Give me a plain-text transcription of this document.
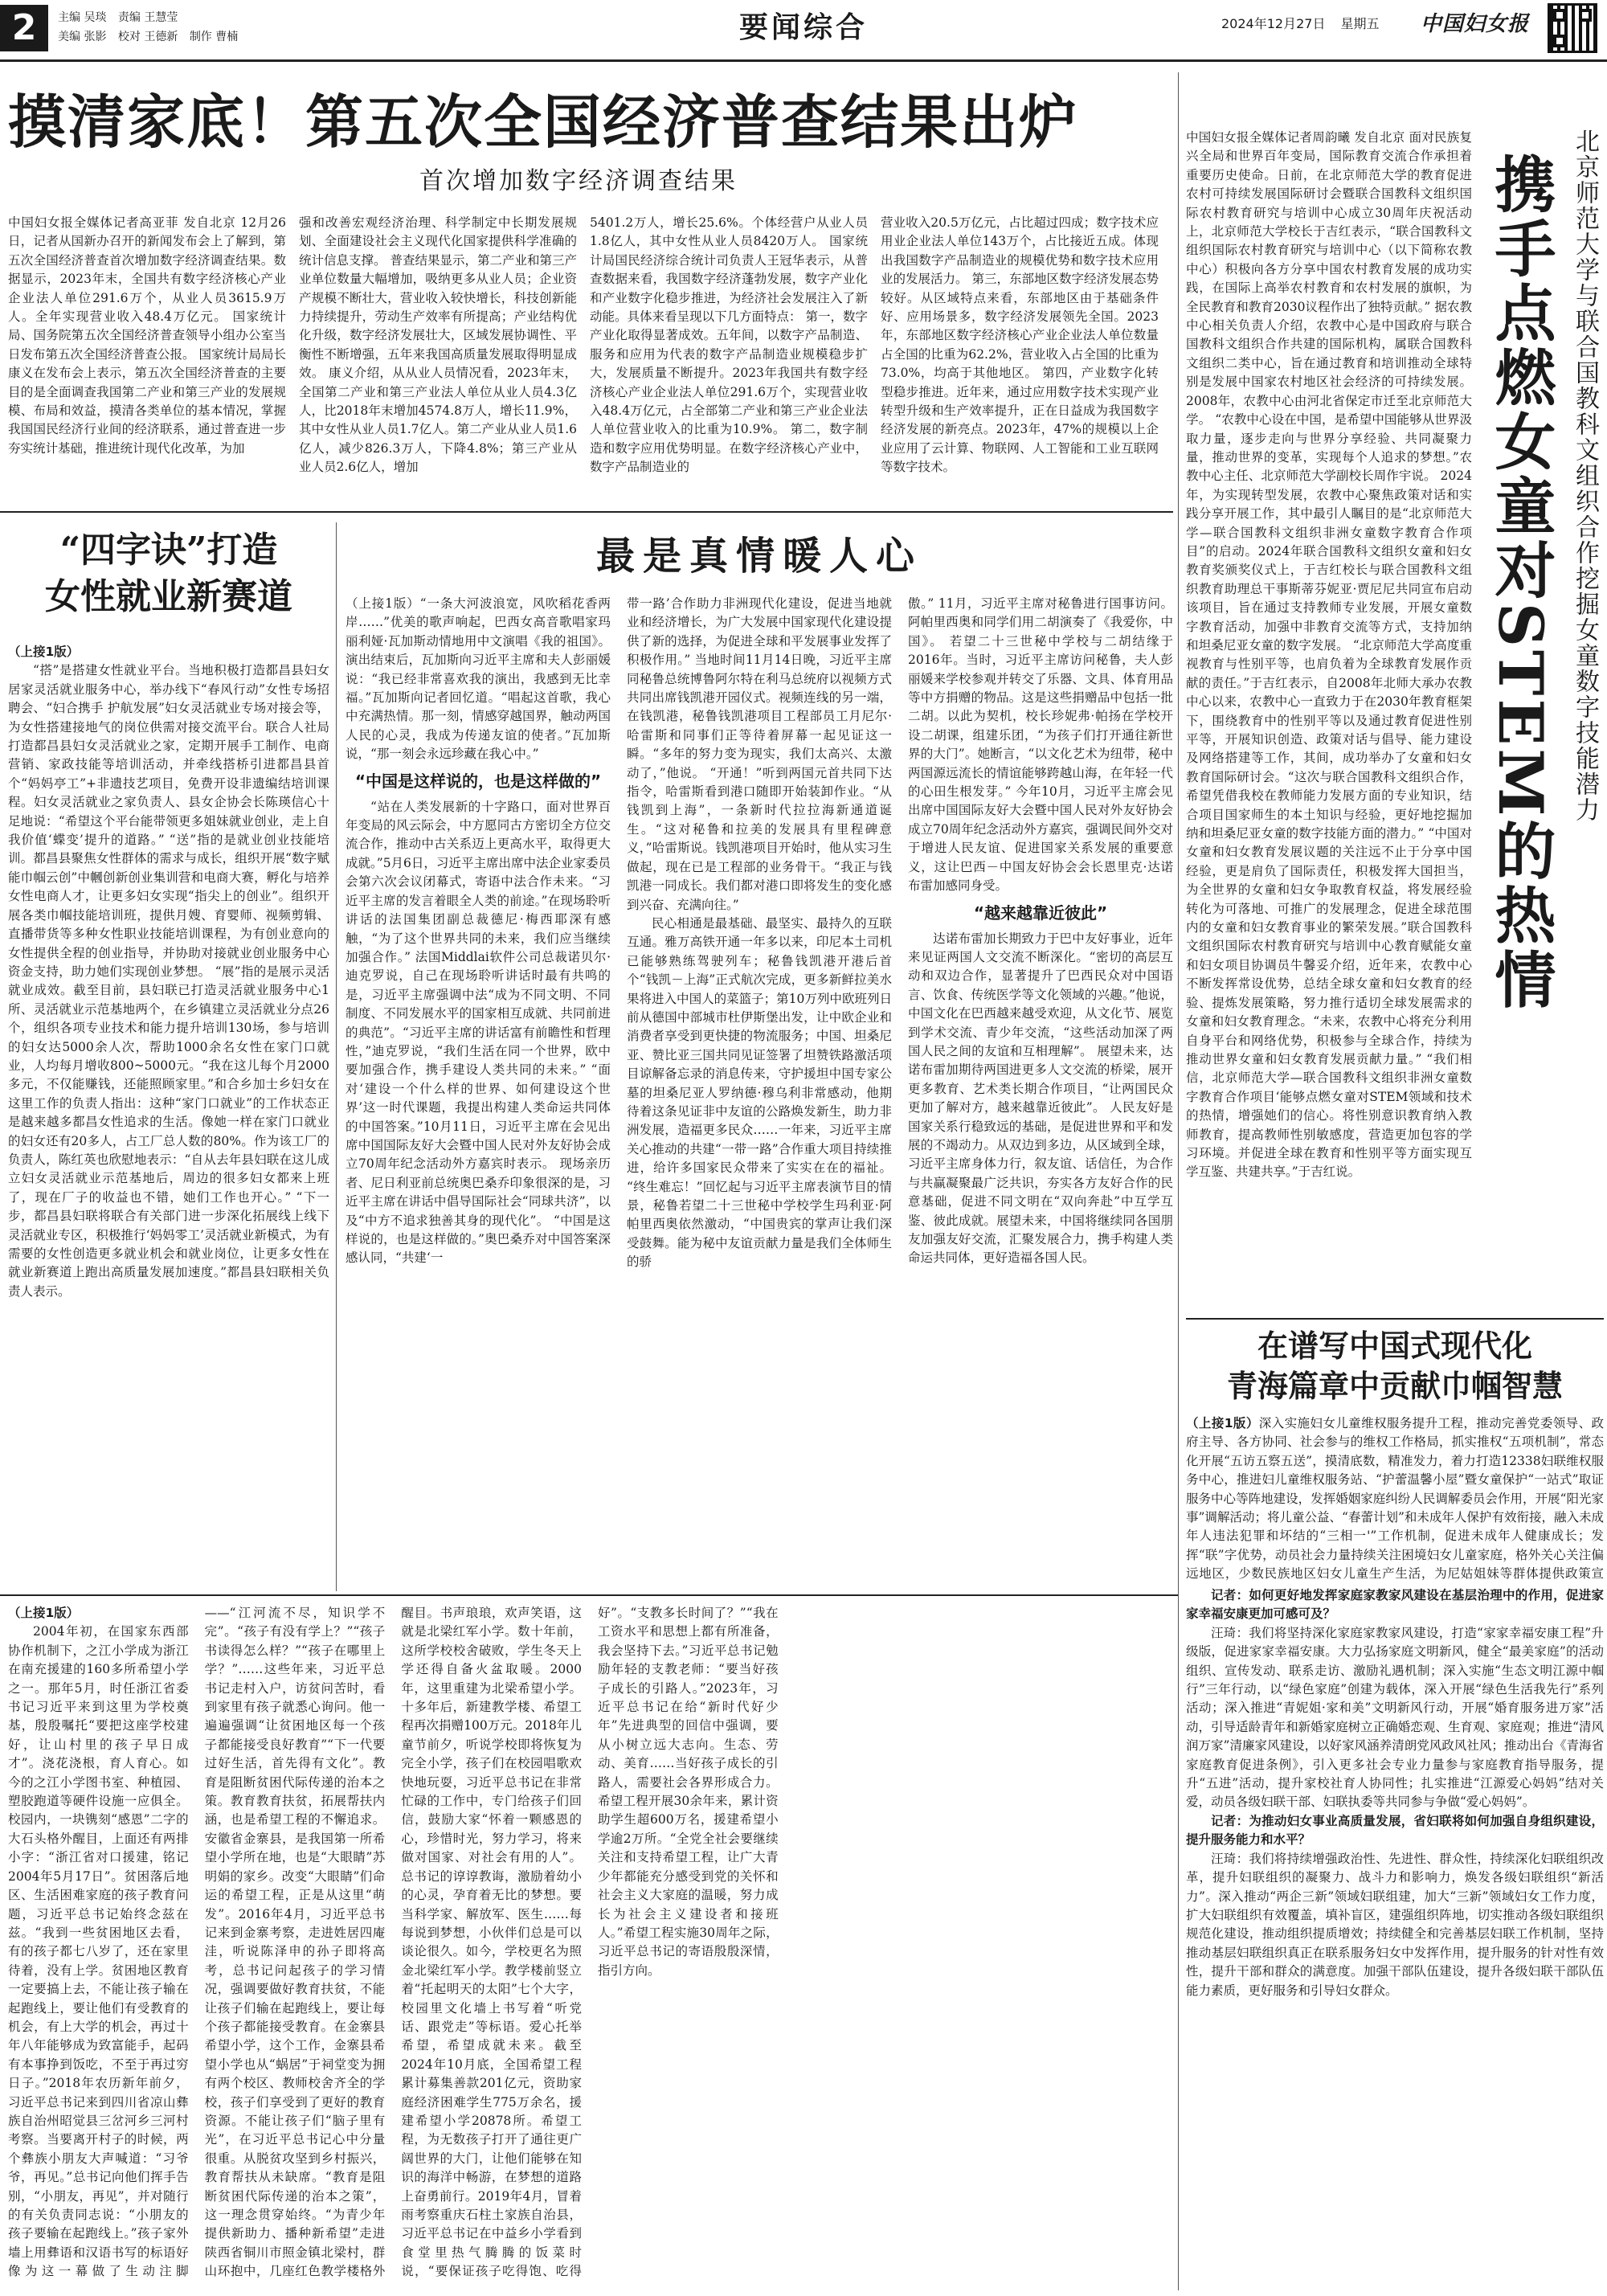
2	主编 吴琰 责编 王慧莹
美编 张影 校对 王德新 制作 曹楠	要闻综合	2024年12月27日 星期五	中国妇女报
摸清家底！第五次全国经济普查结果出炉
首次增加数字经济调查结果

中国妇女报全媒体记者高亚菲 发自北京 12月26日，记者从国新办召开的新闻发布会上了解到，第五次全国经济普查首次增加数字经济调查结果。数据显示，2023年末，全国共有数字经济核心产业企业法人单位291.6万个，从业人员3615.9万人。全年实现营业收入48.4万亿元。 国家统计局、国务院第五次全国经济普查领导小组办公室当日发布第五次全国经济普查公报。 国家统计局局长康义在发布会上表示，第五次全国经济普查的主要目的是全面调查我国第二产业和第三产业的发展规模、布局和效益，摸清各类单位的基本情况，掌握我国国民经济行业间的经济联系，通过普查进一步夯实统计基础，推进统计现代化改革，为加

强和改善宏观经济治理、科学制定中长期发展规划、全面建设社会主义现代化国家提供科学准确的统计信息支撑。 普查结果显示，第二产业和第三产业单位数量大幅增加，吸纳更多从业人员；企业资产规模不断壮大，营业收入较快增长，科技创新能力持续提升，劳动生产效率有所提高；产业结构优化升级，数字经济发展壮大，区域发展协调性、平衡性不断增强，五年来我国高质量发展取得明显成效。 康义介绍，从从业人员情况看，2023年末，全国第二产业和第三产业法人单位从业人员4.3亿人，比2018年末增加4574.8万人，增长11.9%，其中女性从业人员1.7亿人。第二产业从业人员1.6亿人，减少826.3万人，下降4.8%；第三产业从业人员2.6亿人，增加

5401.2万人，增长25.6%。个体经营户从业人员1.8亿人，其中女性从业人员8420万人。 国家统计局国民经济综合统计司负责人王冠华表示，从普查数据来看，我国数字经济蓬勃发展，数字产业化和产业数字化稳步推进，为经济社会发展注入了新动能。具体来看呈现以下几方面特点： 第一，数字产业化取得显著成效。五年间，以数字产品制造、服务和应用为代表的数字产品制造业规模稳步扩大，发展质量不断提升。2023年我国共有数字经济核心产业企业法人单位291.6万个，实现营业收入48.4万亿元，占全部第二产业和第三产业企业法人单位营业收入的比重为10.9%。 第二，数字制造和数字应用优势明显。在数字经济核心产业中，数字产品制造业的

营业收入20.5万亿元，占比超过四成；数字技术应用业企业法人单位143万个，占比接近五成。体现出我国数字产品制造业的规模优势和数字技术应用业的发展活力。 第三，东部地区数字经济发展态势较好。从区域特点来看，东部地区由于基础条件好、应用场景多，数字经济发展领先全国。2023年，东部地区数字经济核心产业企业法人单位数量占全国的比重为62.2%，营业收入占全国的比重为73.0%，均高于其他地区。 第四，产业数字化转型稳步推进。近年来，通过应用数字技术实现产业转型升级和生产效率提升，正在日益成为我国数字经济发展的新亮点。2023年，47%的规模以上企业应用了云计算、物联网、人工智能和工业互联网等数字技术。

中国妇女报全媒体记者周韵曦 发自北京 面对民族复兴全局和世界百年变局，国际教育交流合作承担着重要历史使命。日前，在北京师范大学的教育促进农村可持续发展国际研讨会暨联合国教科文组织国际农村教育研究与培训中心成立30周年庆祝活动上，北京师范大学校长于吉红表示，“联合国教科文组织国际农村教育研究与培训中心（以下简称农教中心）积极向各方分享中国农村教育发展的成功实践，在国际上高举农村教育和农村发展的旗帜，为全民教育和教育2030议程作出了独特贡献。” 据农教中心相关负责人介绍，农教中心是中国政府与联合国教科文组织合作共建的国际机构，属联合国教科文组织二类中心，旨在通过教育和培训推动全球特别是发展中国家农村地区社会经济的可持续发展。2008年，农教中心由河北省保定市迁至北京师范大学。 “农教中心设在中国，是希望中国能够从世界汲取力量，逐步走向与世界分享经验、共同凝聚力量，推动世界的变革，实现每个人追求的梦想。”农教中心主任、北京师范大学副校长周作宇说。 2024年，为实现转型发展，农教中心聚焦政策对话和实践分享开展工作，其中最引人瞩目的是“北京师范大学—联合国教科文组织非洲女童数字教育合作项目”的启动。2024年联合国教科文组织女童和妇女教育奖颁奖仪式上，于吉红校长与联合国教科文组织教育助理总干事斯蒂芬妮亚·贾尼尼共同宣布启动该项目，旨在通过支持教师专业发展，开展女童数字教育活动，加强中非教育交流等方式，支持加纳和坦桑尼亚女童的数字发展。 “北京师范大学高度重视教育与性别平等，也肩负着为全球教育发展作贡献的责任。”于吉红表示，自2008年北师大承办农教中心以来，农教中心一直致力于在2030年教育框架下，围绕教育中的性别平等以及通过教育促进性别平等，开展知识创造、政策对话与倡导、能力建设及网络搭建等工作，其间，成功举办了女童和妇女教育国际研讨会。“这次与联合国教科文组织合作，希望凭借我校在教师能力发展方面的专业知识，结合项目国家师生的本土知识与经验，更好地挖掘加纳和坦桑尼亚女童的数字技能方面的潜力。” “中国对女童和妇女教育发展议题的关注远不止于分享中国经验，更是肩负了国际责任，积极发挥大国担当，为全世界的女童和妇女争取教育权益，将发展经验转化为可落地、可推广的发展理念，促进全球范围内的女童和妇女教育事业的繁荣发展。”联合国教科文组织国际农村教育研究与培训中心教育赋能女童和妇女项目协调员牛馨妥介绍，近年来，农教中心不断发挥常设优势，总结全球女童和妇女教育的经验、提炼发展策略，努力推行适切全球发展需求的女童和妇女教育理念。“未来，农教中心将充分利用自身平台和网络优势，积极参与全球合作，持续为推动世界女童和妇女教育发展贡献力量。” “我们相信，北京师范大学—联合国教科文组织非洲女童数字教育合作项目‘能够点燃女童对STEM领域和技术的热情，增强她们的信心。将性别意识教育纳入教师教育，提高教师性别敏感度，营造更加包容的学习环境。并促进全球在教育和性别平等方面实现互学互鉴、共建共享。”于吉红说。

携手点燃女童对STEM的热情 北京师范大学与联合国教科文组织合作挖掘女童数字技能潜力
“四字诀”打造
女性就业新赛道

（上接1版）

“搭”是搭建女性就业平台。当地积极打造都昌县妇女居家灵活就业服务中心，举办线下“春风行动”女性专场招聘会、“妇合携手 护航发展”妇女灵活就业专场对接会等，为女性搭建接地气的岗位供需对接交流平台。联合人社局打造都昌县妇女灵活就业之家，定期开展手工制作、电商营销、家政技能等培训活动，并牵线搭桥引进都昌县首个“妈妈亭工”+非遗技艺项目，免费开设非遗编结培训课程。妇女灵活就业之家负责人、县女企协会长陈瑛信心十足地说：“希望这个平台能带领更多姐妹就业创业，走上自我价值‘蝶变’提升的道路。” “送”指的是就业创业技能培训。都昌县聚焦女性群体的需求与成长，组织开展“数字赋能巾帼云创”中幗创新创业集训营和电商大赛，孵化与培养女性电商人才，让更多妇女实现“指尖上的创业”。组织开展各类巾帼技能培训班，提供月嫂、育婴师、视频剪辑、直播带货等多种女性职业技能培训课程，为有创业意向的女性提供全程的创业指导，并协助对接就业创业服务中心资金支持，助力她们实现创业梦想。 “展”指的是展示灵活就业成效。截至目前，县妇联已打造灵活就业服务中心1所、灵活就业示范基地两个，在乡镇建立灵活就业分点26个，组织各项专业技术和能力提升培训130场，参与培训的妇女达5000余人次，帮助1000余名女性在家门口就业，人均每月增收800~5000元。“我在这儿每个月2000多元，不仅能赚钱，还能照顾家里。”和合乡加士乡妇女在这里工作的负责人指出：这种“家门口就业”的工作状态正是越来越多都昌女性追求的生活。像她一样在家门口就业的妇女还有20多人，占工厂总人数的80%。作为该工厂的负责人，陈红英也欣慰地表示：“自从去年县妇联在这儿成立妇女灵活就业示范基地后，周边的很多妇女都来上班了，现在厂子的收益也不错，她们工作也开心。” “下一步，都昌县妇联将联合有关部门进一步深化拓展线上线下灵活就业专区，积极推行‘妈妈零工’灵活就业新模式，为有需要的女性创造更多就业机会和就业岗位，让更多女性在就业新赛道上跑出高质量发展加速度。”都昌县妇联相关负责人表示。

最是真情暖人心

（上接1版）“一条大河波浪宽，风吹稻花香两岸……”优美的歌声响起，巴西女高音歌唱家玛丽利娅·瓦加斯动情地用中文演唱《我的祖国》。演出结束后，瓦加斯向习近平主席和夫人彭丽媛说：“我已经非常喜欢我的演出，我感到无比幸福。”瓦加斯向记者回忆道。“唱起这首歌，我心中充满热情。那一刻，情感穿越国界，触动两国人民的心灵，我成为传递友谊的使者。”瓦加斯说，“那一刻会永远珍藏在我心中。”

“中国是这样说的，也是这样做的”

“站在人类发展新的十字路口，面对世界百年变局的风云际会，中方愿同古方密切全方位交流合作，推动中古关系迈上更高水平，取得更大成就。”5月6日，习近平主席出席中法企业家委员会第六次会议闭幕式，寄语中法合作未来。“习近平主席的发言着眼全人类的前途。”在现场聆听讲话的法国集团副总裁德尼·梅西耶深有感触，“为了这个世界共同的未来，我们应当继续加强合作。” 法国Middlai软件公司总裁诺贝尔·迪克罗说，自己在现场聆听讲话时最有共鸣的是，习近平主席强调中法“成为不同文明、不同制度、不同发展水平的国家相互成就、共同前进的典范”。“习近平主席的讲话富有前瞻性和哲理性，”迪克罗说，“我们生活在同一个世界，欧中要加强合作，携手建设人类共同的未来。” “面对‘建设一个什么样的世界、如何建设这个世界’这一时代课题，我提出构建人类命运共同体的中国答案。”10月11日，习近平主席在会见出席中国国际友好大会暨中国人民对外友好协会成立70周年纪念活动外方嘉宾时表示。 现场亲历者、尼日利亚前总统奥巴桑乔印象很深的是，习近平主席在讲话中倡导国际社会“同球共济”，以及“中方不追求独善其身的现代化”。 “中国是这样说的，也是这样做的。”奥巴桑乔对中国答案深感认同，“共建‘一

带一路’合作助力非洲现代化建设，促进当地就业和经济增长，为广大发展中国家现代化建设提供了新的选择，为促进全球和平发展事业发挥了积极作用。” 当地时间11月14日晚，习近平主席同秘鲁总统博鲁阿尔特在利马总统府以视频方式共同出席钱凯港开园仪式。视频连线的另一端，在钱凯港，秘鲁钱凯港项目工程部员工月尼尔·哈雷斯和同事们正等待着屏幕一起见证这一瞬。“多年的努力变为现实，我们太高兴、太激动了，”他说。 “开通！”听到两国元首共同下达指令，哈雷斯看到港口随即开始装卸作业。“从钱凯到上海”，一条新时代拉拉海新通道诞生。“这对秘鲁和拉美的发展具有里程碑意义，”哈雷斯说。钱凯港项目开始时，他从实习生做起，现在已是工程部的业务骨干。“我正与钱凯港一同成长。我们都对港口即将发生的变化感到兴奋、充满向往。”

民心相通是最基础、最坚实、最持久的互联互通。雅万高铁开通一年多以来，印尼本土司机已能够熟练驾驶列车；秘鲁钱凯港开港后首个“钱凯－上海”正式航次完成，更多新鲜拉美水果将进入中国人的菜篮子；第10万列中欧班列日前从德国中部城市杜伊斯堡出发，让中欧企业和消费者享受到更快捷的物流服务；中国、坦桑尼亚、赞比亚三国共同见证签署了坦赞铁路激活项目谅解备忘录的消息传来，守护援坦中国专家公墓的坦桑尼亚人罗纳德·穆乌利非常感动，他期待着这条见证非中友谊的公路焕发新生，助力非洲发展，造福更多民众……一年来，习近平主席关心推动的共建“一带一路”合作重大项目持续推进，给许多国家民众带来了实实在在的福祉。 “终生难忘！”回忆起与习近平主席表演节目的情景，秘鲁若望二十三世秘中学校学生玛利亚·阿帕里西奥依然激动，“中国贵宾的掌声让我们深受鼓舞。能为秘中友谊贡献力量是我们全体师生的骄

傲。” 11月，习近平主席对秘鲁进行国事访问。阿帕里西奥和同学们用二胡演奏了《我爱你，中国》。 若望二十三世秘中学校与二胡结缘于2016年。当时，习近平主席访问秘鲁，夫人彭丽媛来学校参观并转交了乐器、文具、体育用品等中方捐赠的物品。这是这些捐赠品中包括一批二胡。以此为契机，校长珍妮弗·帕扬在学校开设二胡课，组建乐团，“为孩子们打开通往新世界的大门”。她断言，“以文化艺术为纽带，秘中两国源远流长的情谊能够跨越山海，在年轻一代的心田生根发芽。” 今年10月，习近平主席会见出席中国国际友好大会暨中国人民对外友好协会成立70周年纪念活动外方嘉宾，强调民间外交对于增进人民友谊、促进国家关系发展的重要意义，这让巴西－中国友好协会会长恩里克·达诺布雷加感同身受。

“越来越靠近彼此”

达诺布雷加长期致力于巴中友好事业，近年来见证两国人文交流不断深化。“密切的高层互动和双边合作，显著提升了巴西民众对中国语言、饮食、传统医学等文化领域的兴趣。”他说，中国文化在巴西越来越受欢迎，从文化节、展览到学术交流、青少年交流，“这些活动加深了两国人民之间的友谊和互相理解”。 展望未来，达诺布雷加期待两国进更多人文交流的桥梁，展开更多教育、艺术类长期合作项目，“让两国民众更加了解对方，越来越靠近彼此”。 人民友好是国家关系行稳致远的基础，是促进世界和平和发展的不竭动力。从双边到多边，从区域到全球，习近平主席身体力行，叙友谊、话信任，为合作与共赢凝聚最广泛共识，夯实各方友好合作的民意基础，促进不同文明在“双向奔赴”中互学互鉴、彼此成就。展望未来，中国将继续同各国朋友加强友好交流，汇聚发展合力，携手构建人类命运共同体，更好造福各国人民。

在谱写中国式现代化
青海篇章中贡献巾帼智慧

（上接1版）深入实施妇女儿童维权服务提升工程，推动完善党委领导、政府主导、各方协同、社会参与的维权工作格局，抓实推权“五项机制”，常态化开展“五访五察五送”，摸清底数，精准发力，着力打造12338妇联维权服务中心，推进妇儿童维权服务站、“护蕾温馨小屋”暨女童保护“一站式”取证服务中心等阵地建设，发挥婚姻家庭纠纷人民调解委员会作用，开展“阳光家事”调解活动；将儿童公益、“春蕾计划”和未成年人保护有效衔接，融入未成年人违法犯罪和坏结的“三相一'”工作机制，促进未成年人健康成长；发挥“联”字优势，动员社会力量持续关注困境妇女儿童家庭，格外关心关注偏远地区，少数民族地区妇女儿童生产生活，为尼姑姐妹等群体提供政策宣

记者：如何更好地发挥家庭家教家风建设在基层治理中的作用，促进家家幸福安康更加可感可及？

汪琦：我们将坚持深化家庭家教家风建设，打造“家家幸福安康工程”升级版，促进家家幸福安康。大力弘扬家庭文明新风，健全“最美家庭”的活动组织、宣传发动、联系走访、激励礼遇机制；深入实施“生态文明江源中帼行”三年行动，以“绿色家庭”创建为载体，深入开展“绿色生活我先行”系列活动；深入推进“青妮姐·家和美”文明新风行动，开展“婚育服务进万家”活动，引导适龄青年和新婚家庭树立正确婚恋观、生育观、家庭观；推进“清风润万家”清廉家风建设，以好家风涵养清朗党风政风社风；推动出台《青海省家庭教育促进条例》，引入更多社会专业力量参与家庭教育指导服务，提升“五进”活动，提升家校社育人协同性；扎实推进“江源爱心妈妈”结对关爱，动员各级妇联干部、妇联执委等共同参与争做“爱心妈妈”。

记者：为推动妇女事业高质量发展，省妇联将如何加强自身组织建设，提升服务能力和水平？

汪琦：我们将持续增强政治性、先进性、群众性，持续深化妇联组织改革，提升妇联组织的凝聚力、战斗力和影响力，焕发各级妇联组织“新活力”。深入推动“两企三新”领域妇联组建，加大“三新”领域妇女工作力度，扩大妇联组织有效覆盖，填补盲区，建强组织阵地，切实推动各级妇联组织规范化建设，推动组织提质增效；持续健全和完善基层妇联工作机制，坚持推动基层妇联组织真正在联系服务妇女中发挥作用，提升服务的针对性有效性，提升干部和群众的满意度。加强干部队伍建设，提升各级妇联干部队伍能力素质，更好服务和引导妇女群众。

（上接1版）

2004年初，在国家东西部协作机制下，之江小学成为浙江在南充援建的160多所希望小学之一。那年5月，时任浙江省委书记习近平来到这里为学校奠基，殷殷嘱托“要把这座学校建好，让山村里的孩子早日成才”。浇花浇根，育人育心。如今的之江小学图书室、种植园、塑胶跑道等硬件设施一应俱全。校园内，一块镌刻“感恩”二字的大石头格外醒目，上面还有两排小字：“浙江省对口援建，铭记2004年5月17日”。贫困落后地区、生活困难家庭的孩子教育问题，习近平总书记始终念兹在兹。“我到一些贫困地区去看，有的孩子都七八岁了，还在家里待着，没有上学。贫困地区教育一定要搞上去，不能让孩子输在起跑线上，要让他们有受教育的机会，有上大学的机会，再过十年八年能够成为致富能手，起码有本事挣到饭吃，不至于再过穷日子。”2018年农历新年前夕，习近平总书记来到四川省凉山彝族自治州昭觉县三岔河乡三河村考察。当要离开村子的时候，两个彝族小朋友大声喊道：“习爷爷，再见。”总书记向他们挥手告别，“小朋友，再见”，并对随行的有关负责同志说：“小朋友的孩子要输在起跑线上。”孩子家外墙上用彝语和汉语书写的标语好像为这一幕做了生动注脚——“江河流不尽，知识学不完”。“孩子有没有学上？”“孩子书读得怎么样？”“孩子在哪里上学？”……这些年来，习近平总书记走村入户，访贫问苦时，看到家里有孩子就悉心询问。他一遍遍强调“让贫困地区每一个孩子都能接受良好教育”“下一代要过好生活，首先得有文化”。教育是阻断贫困代际传递的治本之策。教育教育扶贫，拓展帮扶内涵，也是希望工程的不懈追求。安徽省金寨县，是我国第一所希望小学所在地，也是“大眼睛”苏明娟的家乡。改变“大眼睛”们命运的希望工程，正是从这里“萌发”。2016年4月，习近平总书记来到金寨考察，走进姓居四庵洼，听说陈泽申的孙子即将高考，总书记问起孩子的学习情况，强调要做好教育扶贫，不能让孩子们输在起跑线上，要让每个孩子都能接受教育。在金寨县希望小学，这个工作，金寨县希望小学也从“蜗居”于祠堂变为拥有两个校区、教师校舍齐全的学校，孩子们享受到了更好的教育资源。不能让孩子们“脑子里有光”，在习近平总书记心中分量很重。从脱贫攻坚到乡村振兴，教育帮扶从未缺席。“教育是阻断贫困代际传递的治本之策”，这一理念贯穿始终。“为青少年提供新助力、播种新希望”走进陕西省铜川市照金镇北梁村，群山环抱中，几座红色教学楼格外醒目。书声琅琅，欢声笑语，这就是北梁红军小学。数十年前，这所学校校舍破败，学生冬天上学还得自备火盆取暖。2000年，这里重建为北梁希望小学。十多年后，新建教学楼、希望工程再次捐赠100万元。2018年儿童节前夕，听说学校即将恢复为完全小学，孩子们在校园唱歌欢快地玩耍，习近平总书记在非常忙碌的工作中，专门给孩子们回信，鼓励大家“怀着一颗感恩的心，珍惜时光，努力学习，将来做对国家、对社会有用的人”。总书记的谆谆教诲，激励着幼小的心灵，孕育着无比的梦想。要当科学家、解放军、医生……每每说到梦想，小伙伴们总是可以谈论很久。如今，学校更名为照金北梁红军小学。教学楼前竖立着“托起明天的太阳”七个大字，校园里文化墙上书写着“听党话、跟党走”等标语。爱心托举希望，希望成就未来。截至2024年10月底，全国希望工程累计募集善款201亿元，资助家庭经济困难学生775万余名，援建希望小学20878所。希望工程，为无数孩子打开了通往更广阔世界的大门，让他们能够在知识的海洋中畅游，在梦想的道路上奋勇前行。2019年4月，冒着雨考察重庆石柱土家族自治县，习近平总书记在中益乡小学看到食堂里热气腾腾的饭菜时说，“要保证孩子吃得饱、吃得好”。“支教多长时间了？”“我在工资水平和思想上都有所准备，我会坚持下去。”习近平总书记勉励年轻的支教老师：“要当好孩子成长的引路人。”2023年，习近平总书记在给“新时代好少年”先进典型的回信中强调，要从小树立远大志向。生态、劳动、美育……当好孩子成长的引路人，需要社会各界形成合力。希望工程开展30余年来，累计资助学生超600万名，援建希望小学逾2万所。“全党全社会要继续关注和支持希望工程，让广大青少年都能充分感受到党的关怀和社会主义大家庭的温暖，努力成长为社会主义建设者和接班人。”希望工程实施30周年之际，习近平总书记的寄语殷殷深情，指引方向。
